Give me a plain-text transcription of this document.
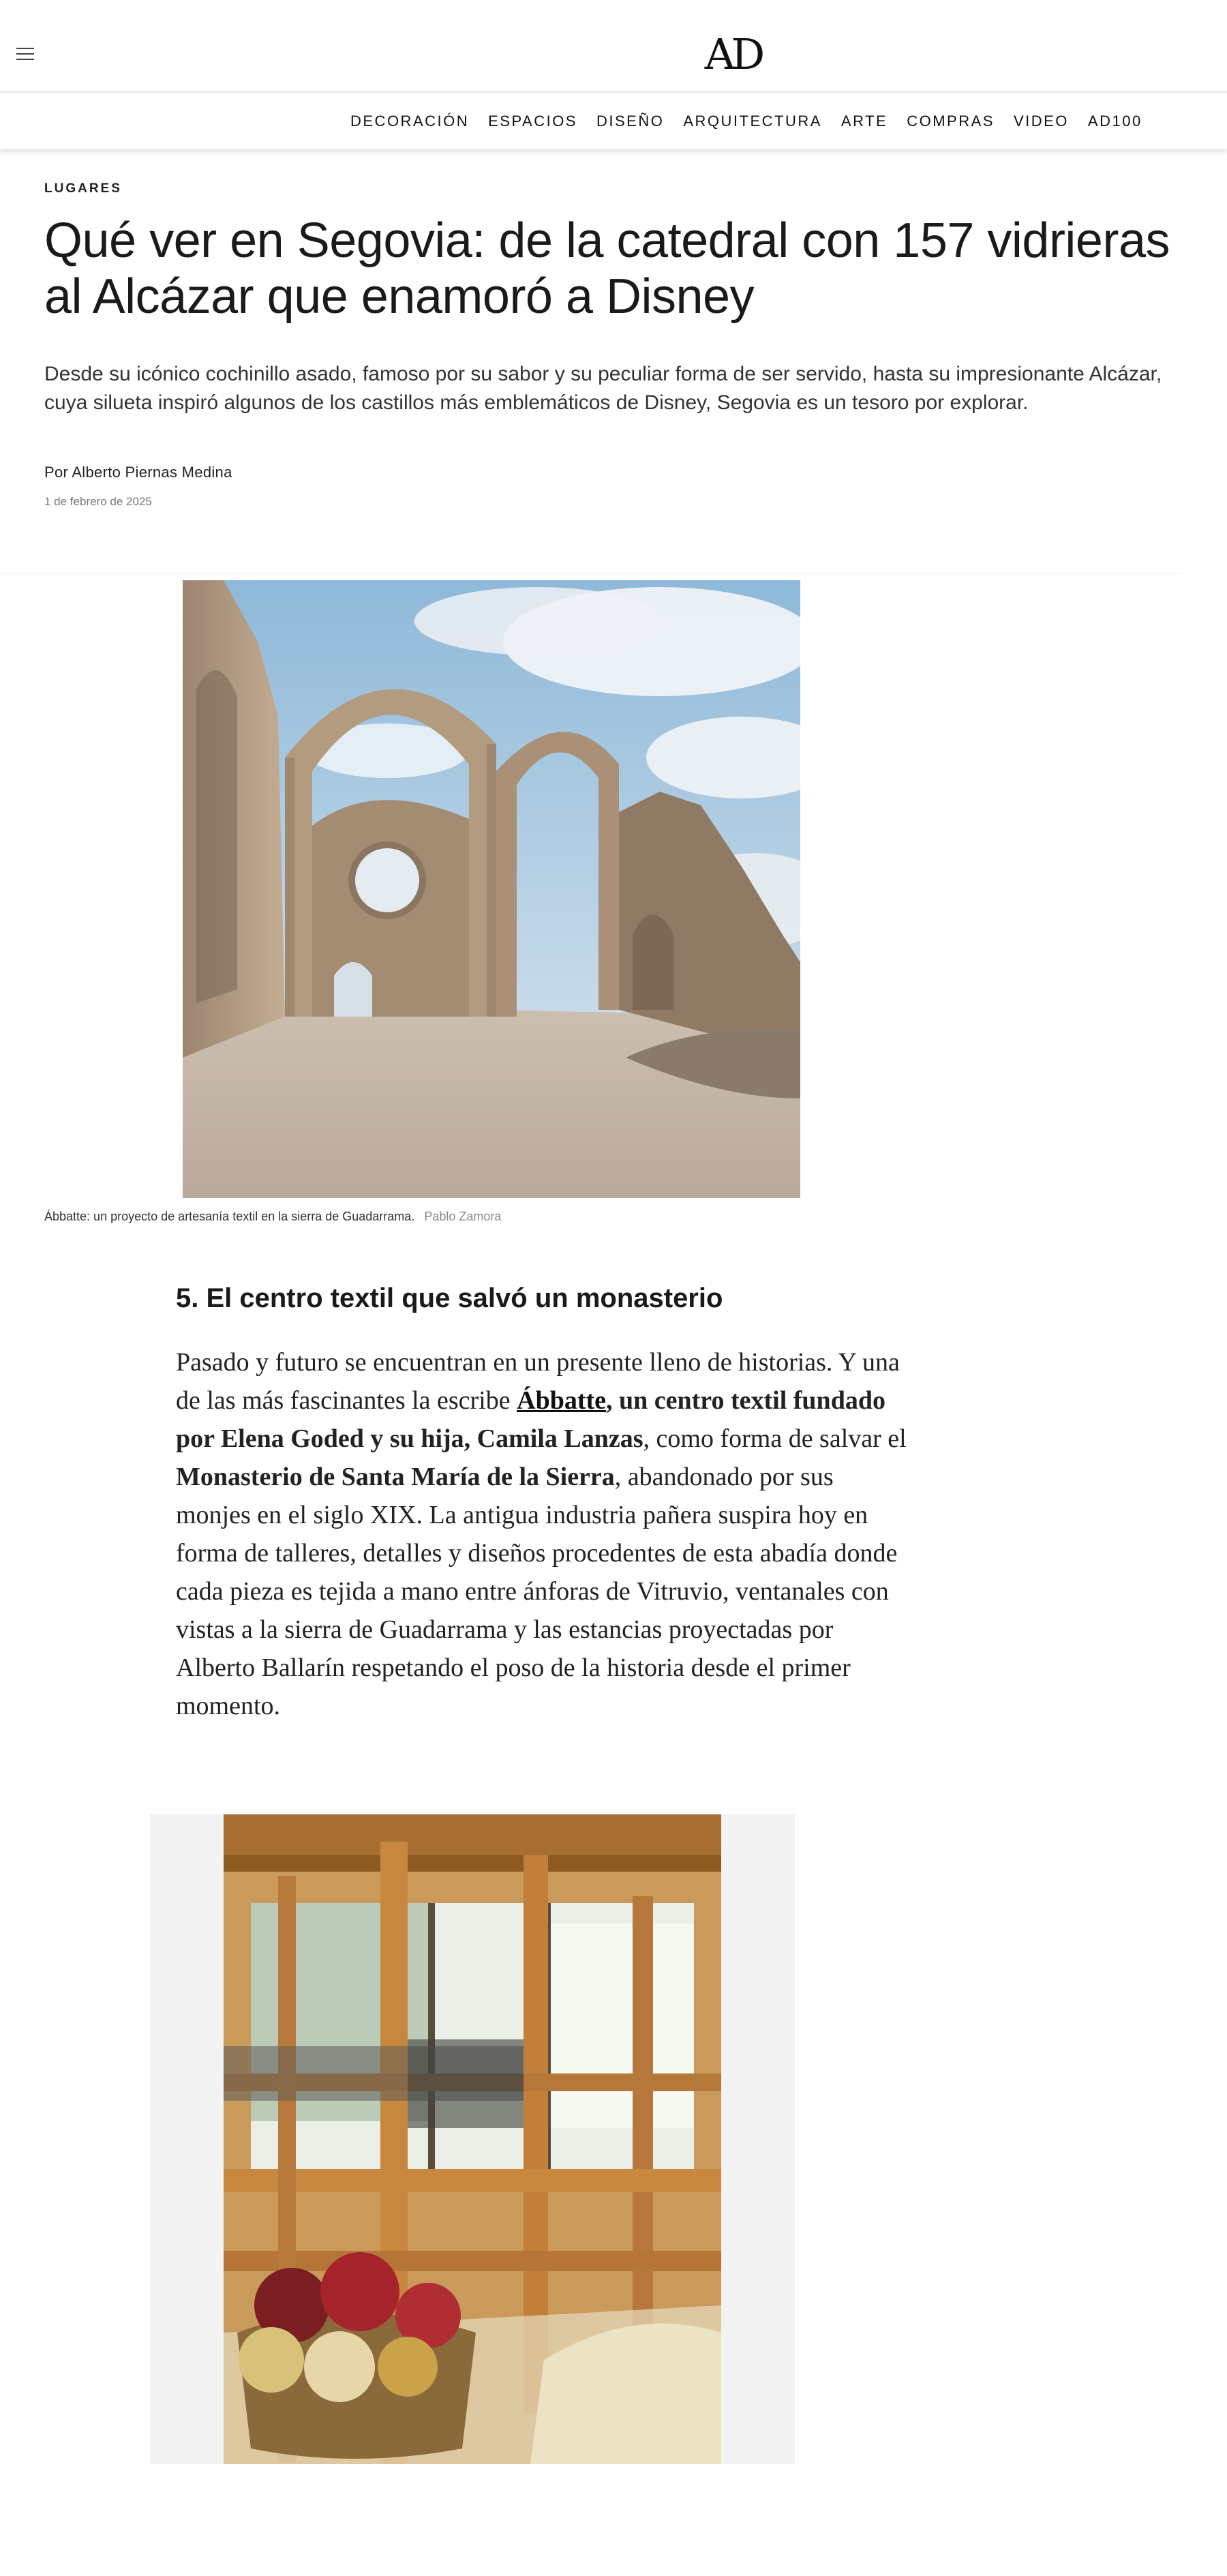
AD
DECORACIÓN ESPACIOS DISEÑO ARQUITECTURA ARTE COMPRAS VIDEO AD100
LUGARES
Qué ver en Segovia: de la catedral con 157 vidrieras al Alcázar que enamoró a Disney

Desde su icónico cochinillo asado, famoso por su sabor y su peculiar forma de ser servido, hasta su impresionante Alcázar, cuya silueta inspiró algunos de los castillos más emblemáticos de Disney, Segovia es un tesoro por explorar.

Por Alberto Piernas Medina
1 de febrero de 2025
Ábbatte: un proyecto de artesanía textil en la sierra de Guadarrama. Pablo Zamora
5. El centro textil que salvó un monasterio

Pasado y futuro se encuentran en un presente lleno de historias. Y una de las más fascinantes la escribe Ábbatte, un centro textil fundado por Elena Goded y su hija, Camila Lanzas, como forma de salvar el Monasterio de Santa María de la Sierra, abandonado por sus monjes en el siglo XIX. La antigua industria pañera suspira hoy en forma de talleres, detalles y diseños procedentes de esta abadía donde cada pieza es tejida a mano entre ánforas de Vitruvio, ventanales con vistas a la sierra de Guadarrama y las estancias proyectadas por Alberto Ballarín respetando el poso de la historia desde el primer momento.
